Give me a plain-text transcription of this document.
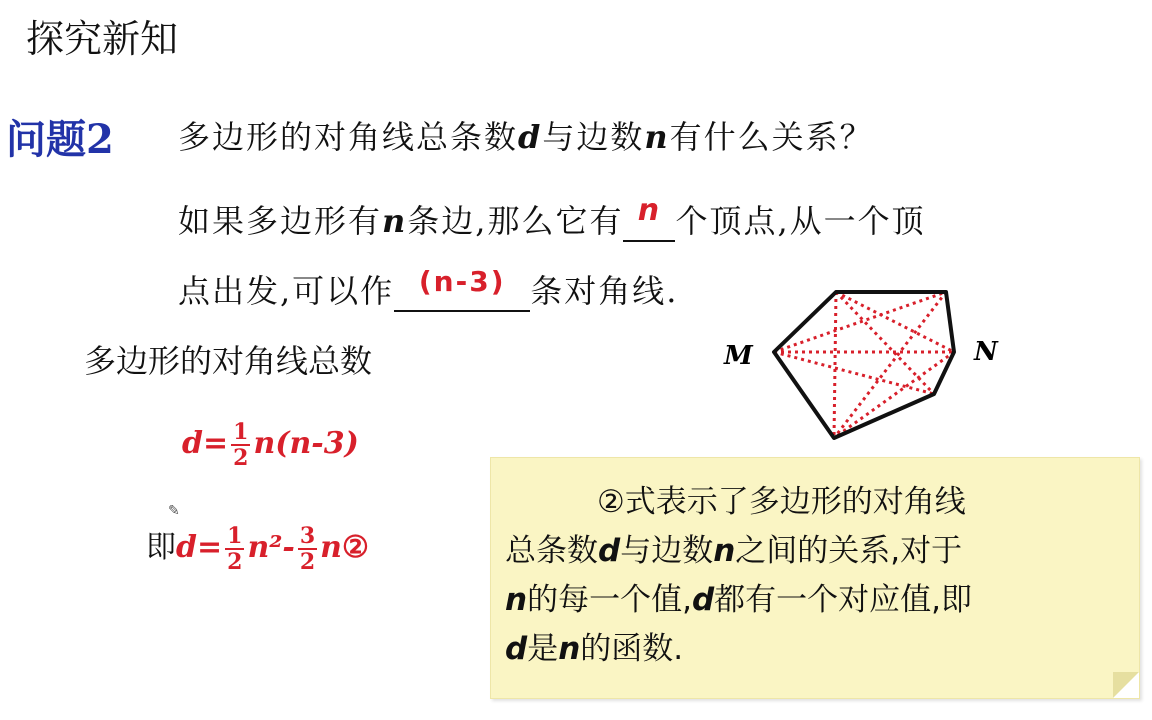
探究新知
问题2 多边形的对角线总条数d与边数n有什么关系？
如果多边形有n条边,那么它有 n 个顶点,从一个顶
点出发,可以作 (n-3) 条对角线.
多边形的对角线总数
$d= \frac{1}{2} n(n-3)$
即$d= \frac{1}{2} n^2- \frac{3}{2}$ n②
✎
M	N
②式表示了多边形的对角线
总条数d与边数n之间的关系,对于
n的每一个值,d都有一个对应值,即
d是n的函数.
